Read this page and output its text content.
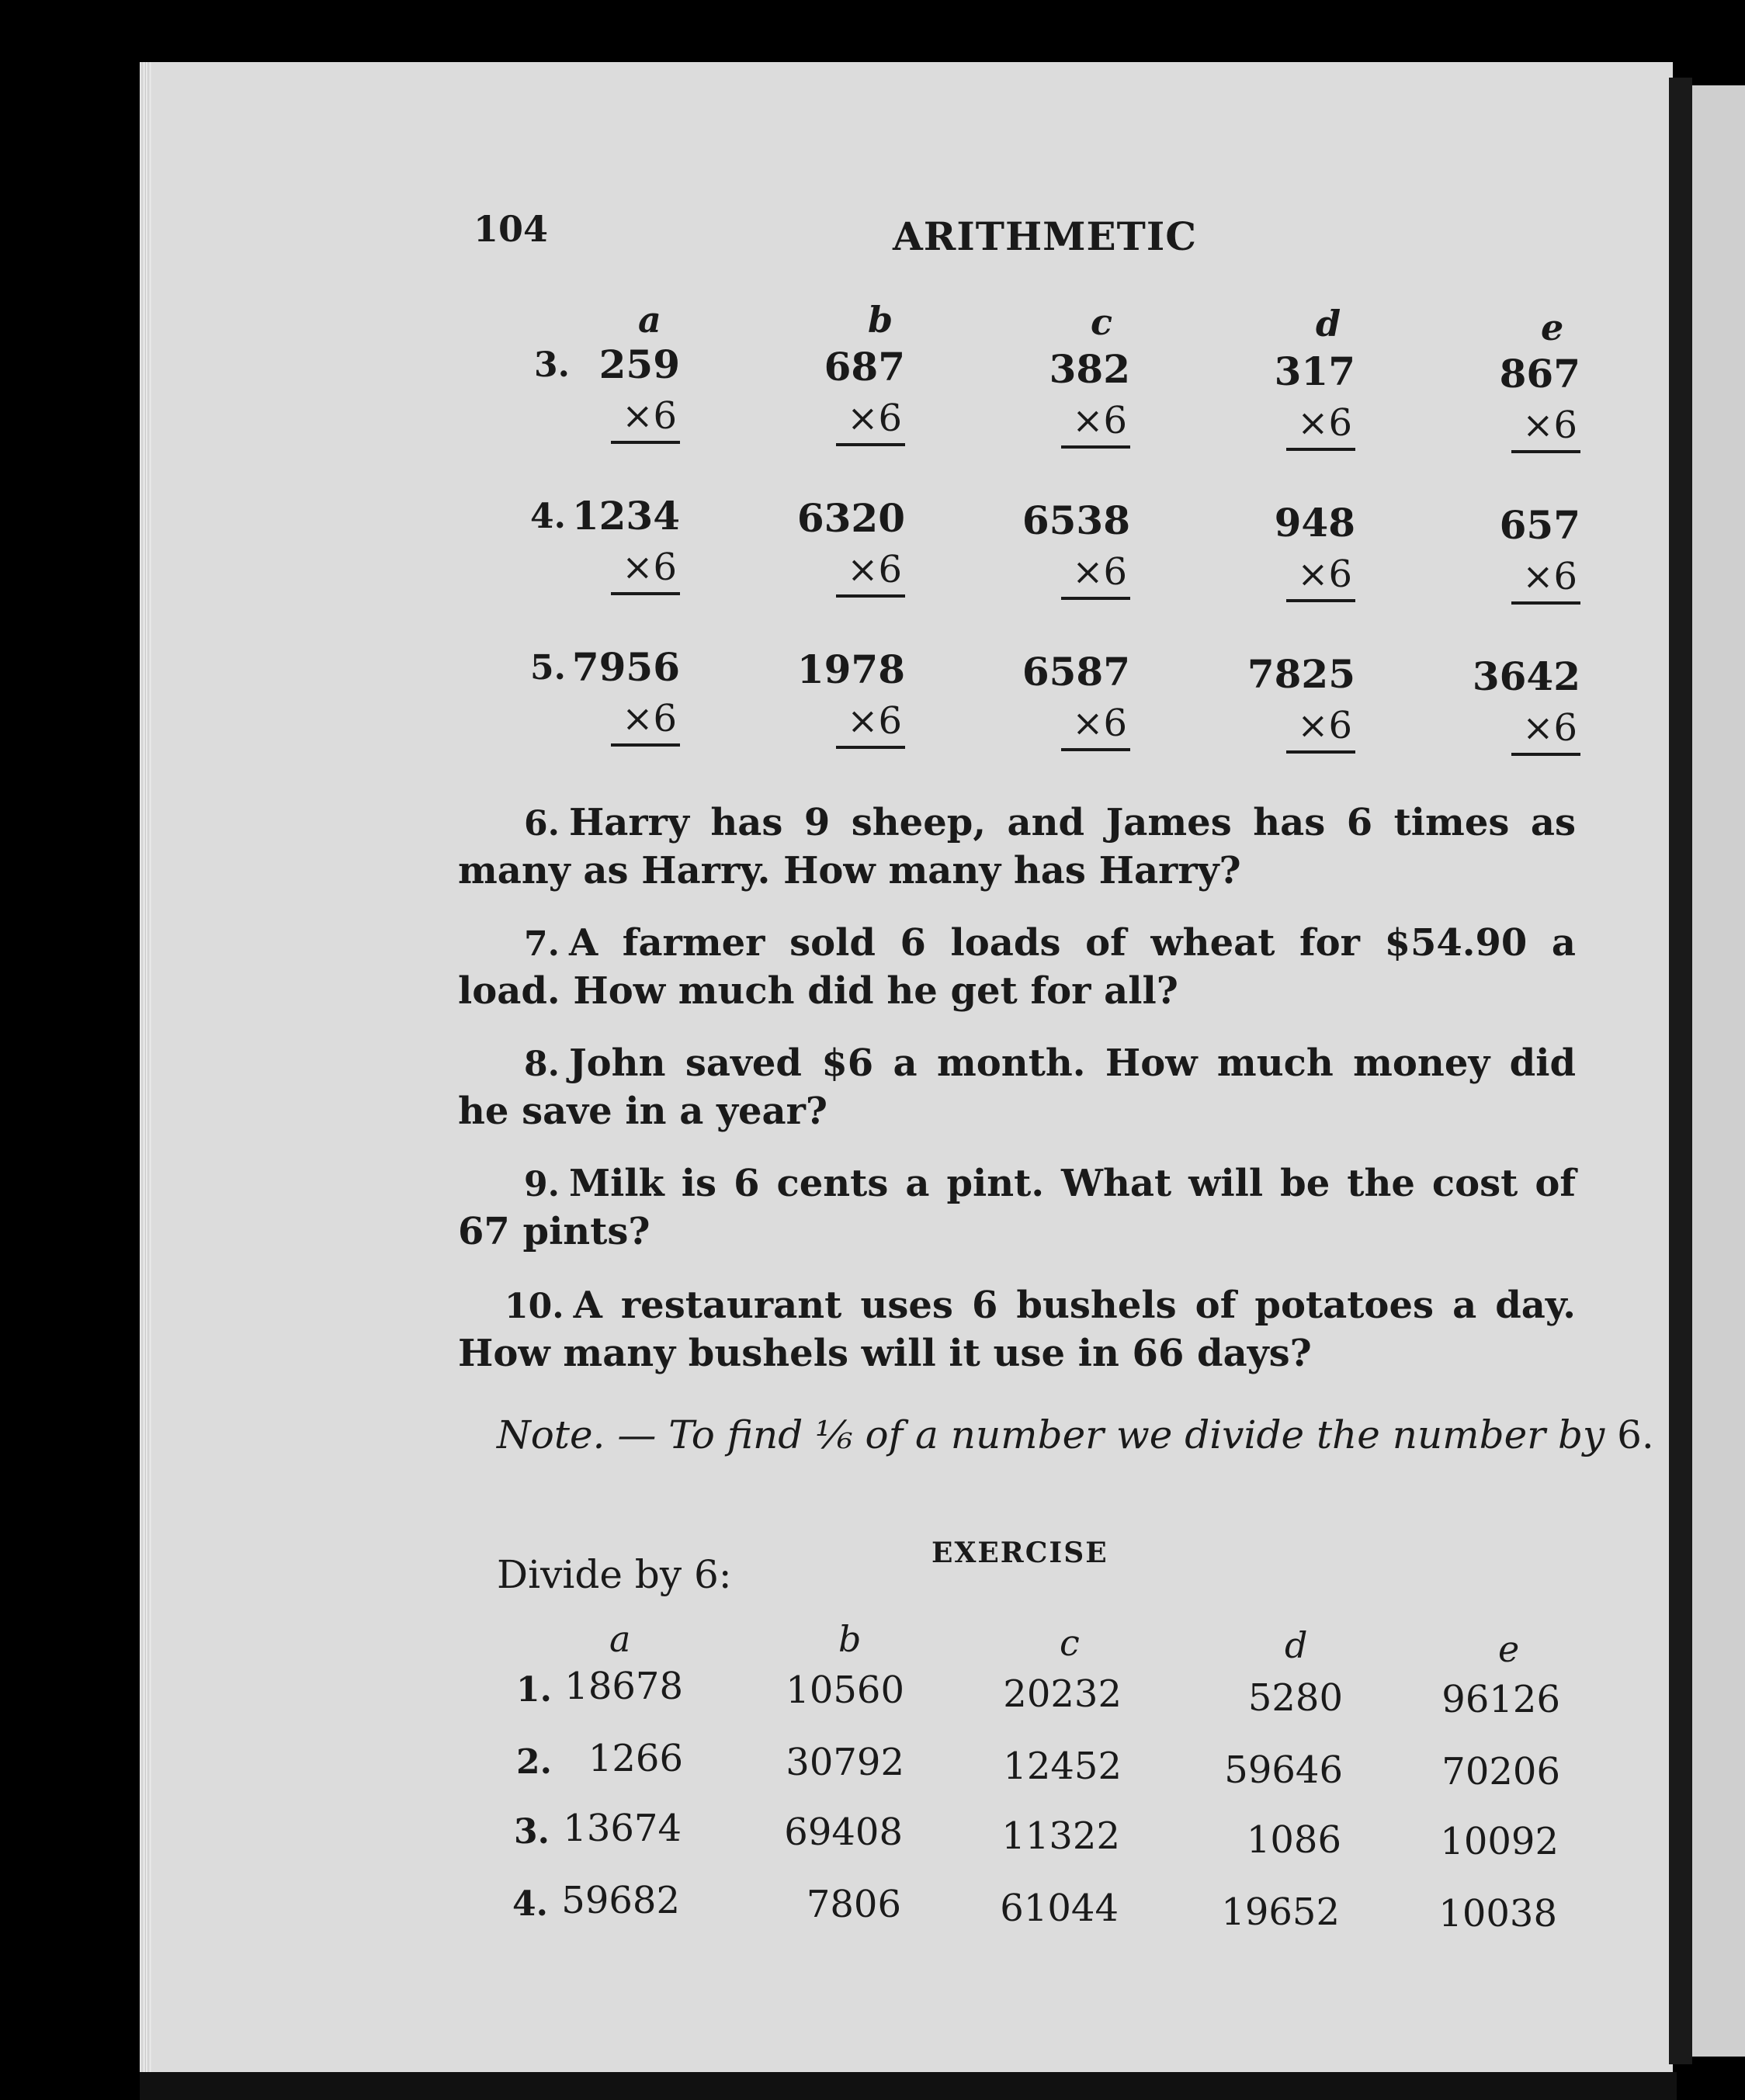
104	ARITHMETIC
a	b	c	d	e
3. 259	687	382	317	867
×6	×6	×6	×6	×6
4. 1234	6320	6538	948	657
×6	×6	×6	×6	×6
5. 7956	1978	6587	7825	3642
×6	×6	×6	×6	×6
6. Harry has 9 sheep, and James has 6 times as many as Harry. How many has Harry?
7. A farmer sold 6 loads of wheat for $54.90 a load. How much did he get for all?
8. John saved $6 a month. How much money did he save in a year?
9. Milk is 6 cents a pint. What will be the cost of 67 pints?
10. A restaurant uses 6 bushels of potatoes a day. How many bushels will it use in 66 days?
Note. — To find ⅙ of a number we divide the number by 6.
EXERCISE
Divide by 6:
a	b	c	d	e
1. 18678	10560	20232	5280	96126
2. 1266	30792	12452	59646	70206
3. 13674	69408	11322	1086	10092
4. 59682	7806	61044	19652	10038
